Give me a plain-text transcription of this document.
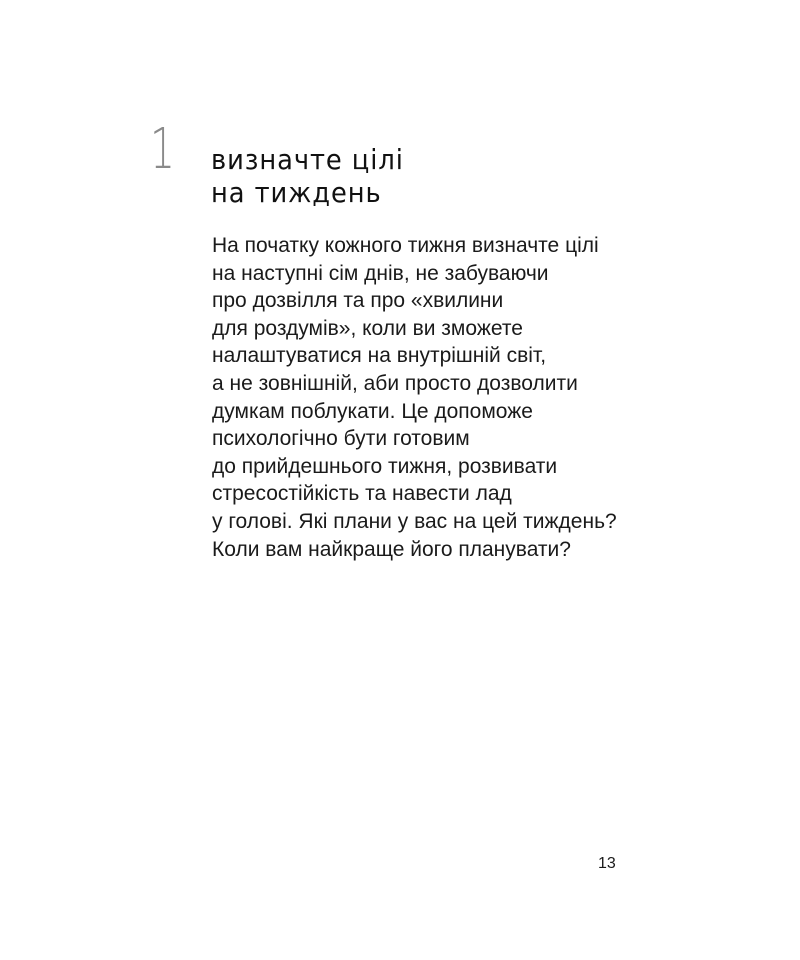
1 визначте цілі
на тиждень

На початку кожного тижня визначте цілі
на наступні сім днів, не забуваючи
про дозвілля та про «хвилини
для роздумів», коли ви зможете
налаштуватися на внутрішній світ,
а не зовнішній, аби просто дозволити
думкам поблукати. Це допоможе
психологічно бути готовим
до прийдешнього тижня, розвивати
стресостійкість та навести лад
у голові. Які плани у вас на цей тиждень?
Коли вам найкраще його планувати?

13
